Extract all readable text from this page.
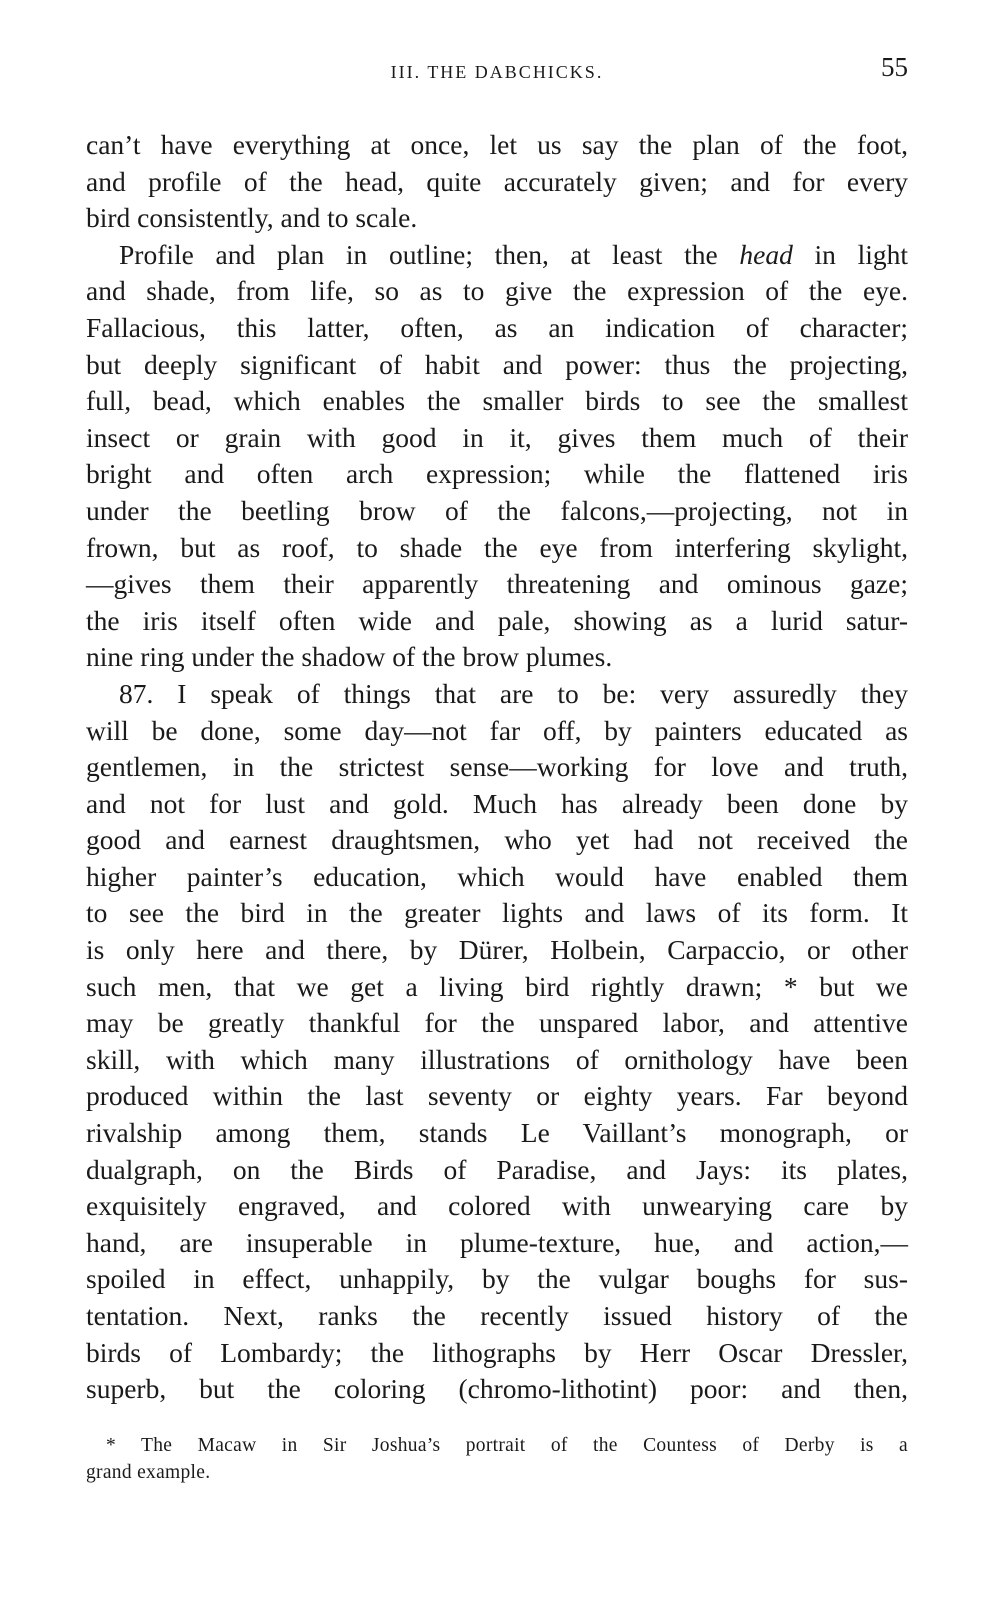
III. THE DABCHICKS.	55
can’t have everything at once, let us say the plan of the foot,
and profile of the head, quite accurately given; and for every
bird consistently, and to scale.
Profile and plan in outline; then, at least the head in light
and shade, from life, so as to give the expression of the eye.
Fallacious, this latter, often, as an indication of character;
but deeply significant of habit and power: thus the projecting,
full, bead, which enables the smaller birds to see the smallest
insect or grain with good in it, gives them much of their
bright and often arch expression; while the flattened iris
under the beetling brow of the falcons,—projecting, not in
frown, but as roof, to shade the eye from interfering skylight,
—gives them their apparently threatening and ominous gaze;
the iris itself often wide and pale, showing as a lurid satur-
nine ring under the shadow of the brow plumes.
87. I speak of things that are to be: very assuredly they
will be done, some day—not far off, by painters educated as
gentlemen, in the strictest sense—working for love and truth,
and not for lust and gold. Much has already been done by
good and earnest draughtsmen, who yet had not received the
higher painter’s education, which would have enabled them
to see the bird in the greater lights and laws of its form. It
is only here and there, by Dürer, Holbein, Carpaccio, or other
such men, that we get a living bird rightly drawn; * but we
may be greatly thankful for the unspared labor, and attentive
skill, with which many illustrations of ornithology have been
produced within the last seventy or eighty years. Far beyond
rivalship among them, stands Le Vaillant’s monograph, or
dualgraph, on the Birds of Paradise, and Jays: its plates,
exquisitely engraved, and colored with unwearying care by
hand, are insuperable in plume-texture, hue, and action,—
spoiled in effect, unhappily, by the vulgar boughs for sus-
tentation. Next, ranks the recently issued history of the
birds of Lombardy; the lithographs by Herr Oscar Dressler,
superb, but the coloring (chromo-lithotint) poor: and then,
* The Macaw in Sir Joshua’s portrait of the Countess of Derby is a
grand example.
